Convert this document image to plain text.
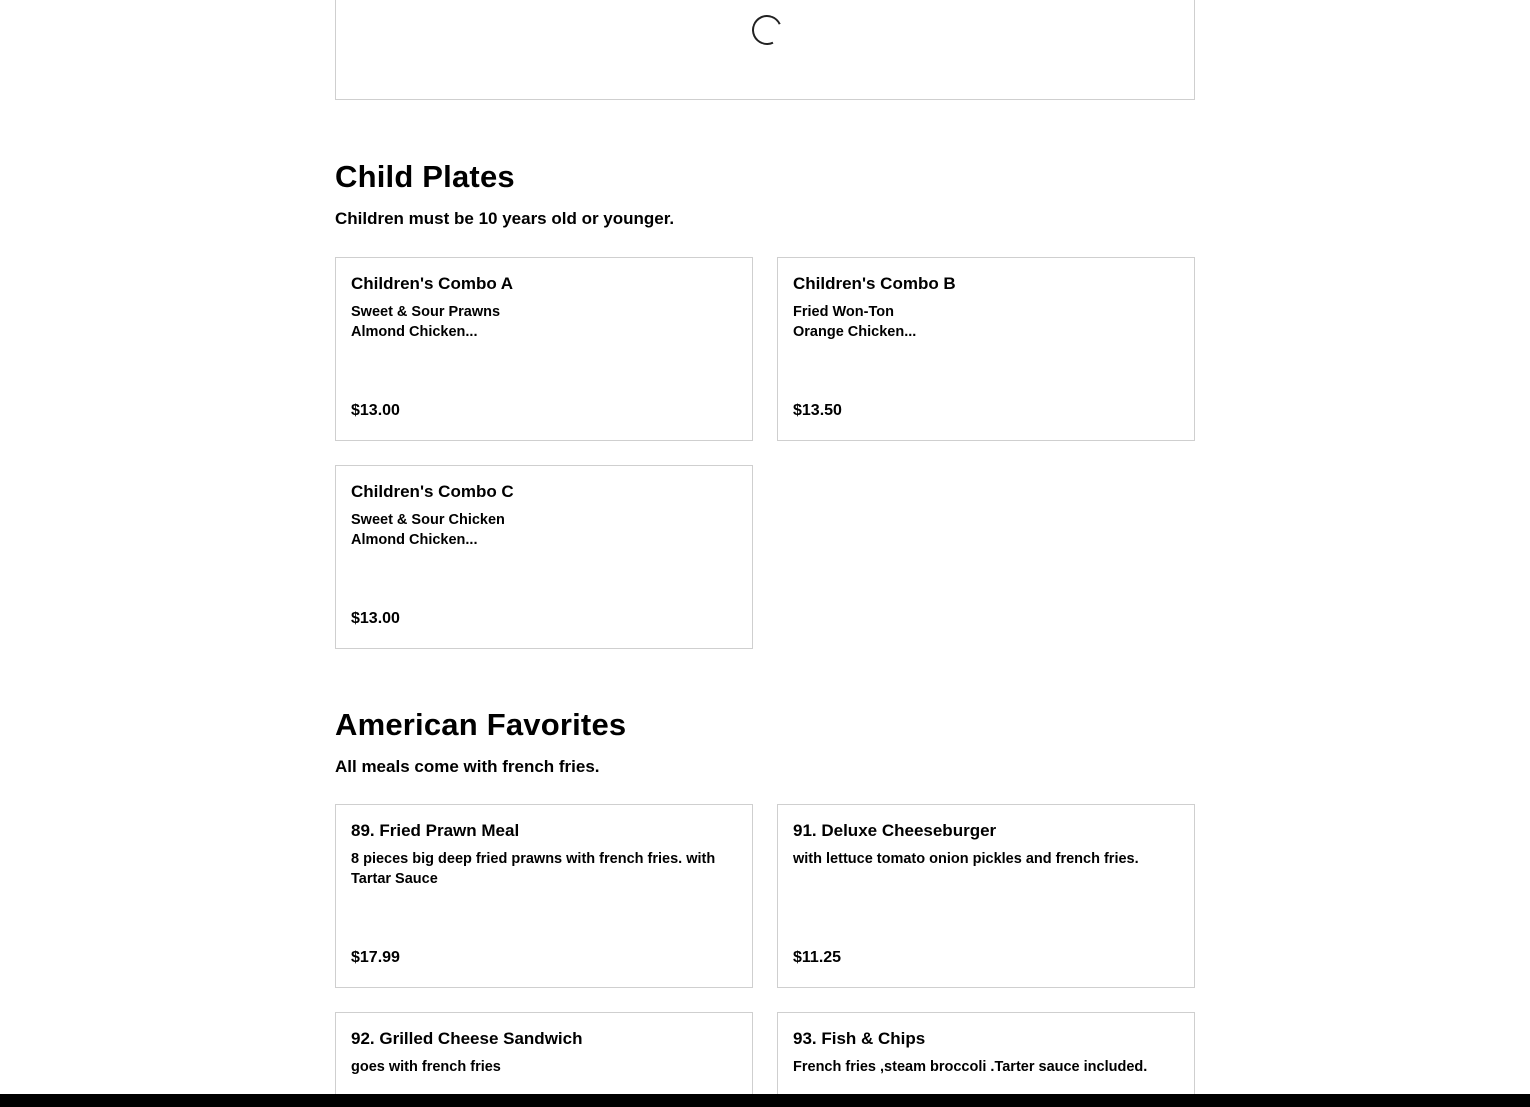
Child Plates

Children must be 10 years old or younger.

Children's Combo A
Sweet & Sour Prawns
Almond Chicken...
$13.00
Children's Combo B
Fried Won-Ton
Orange Chicken...
$13.50
Children's Combo C
Sweet & Sour Chicken
Almond Chicken...
$13.00
American Favorites

All meals come with french fries.

89. Fried Prawn Meal
8 pieces big deep fried prawns with french fries. with Tartar Sauce
$17.99
91. Deluxe Cheeseburger
with lettuce tomato onion pickles and french fries.
$11.25
92. Grilled Cheese Sandwich
goes with french fries
93. Fish & Chips
French fries ,steam broccoli .Tarter sauce included.
